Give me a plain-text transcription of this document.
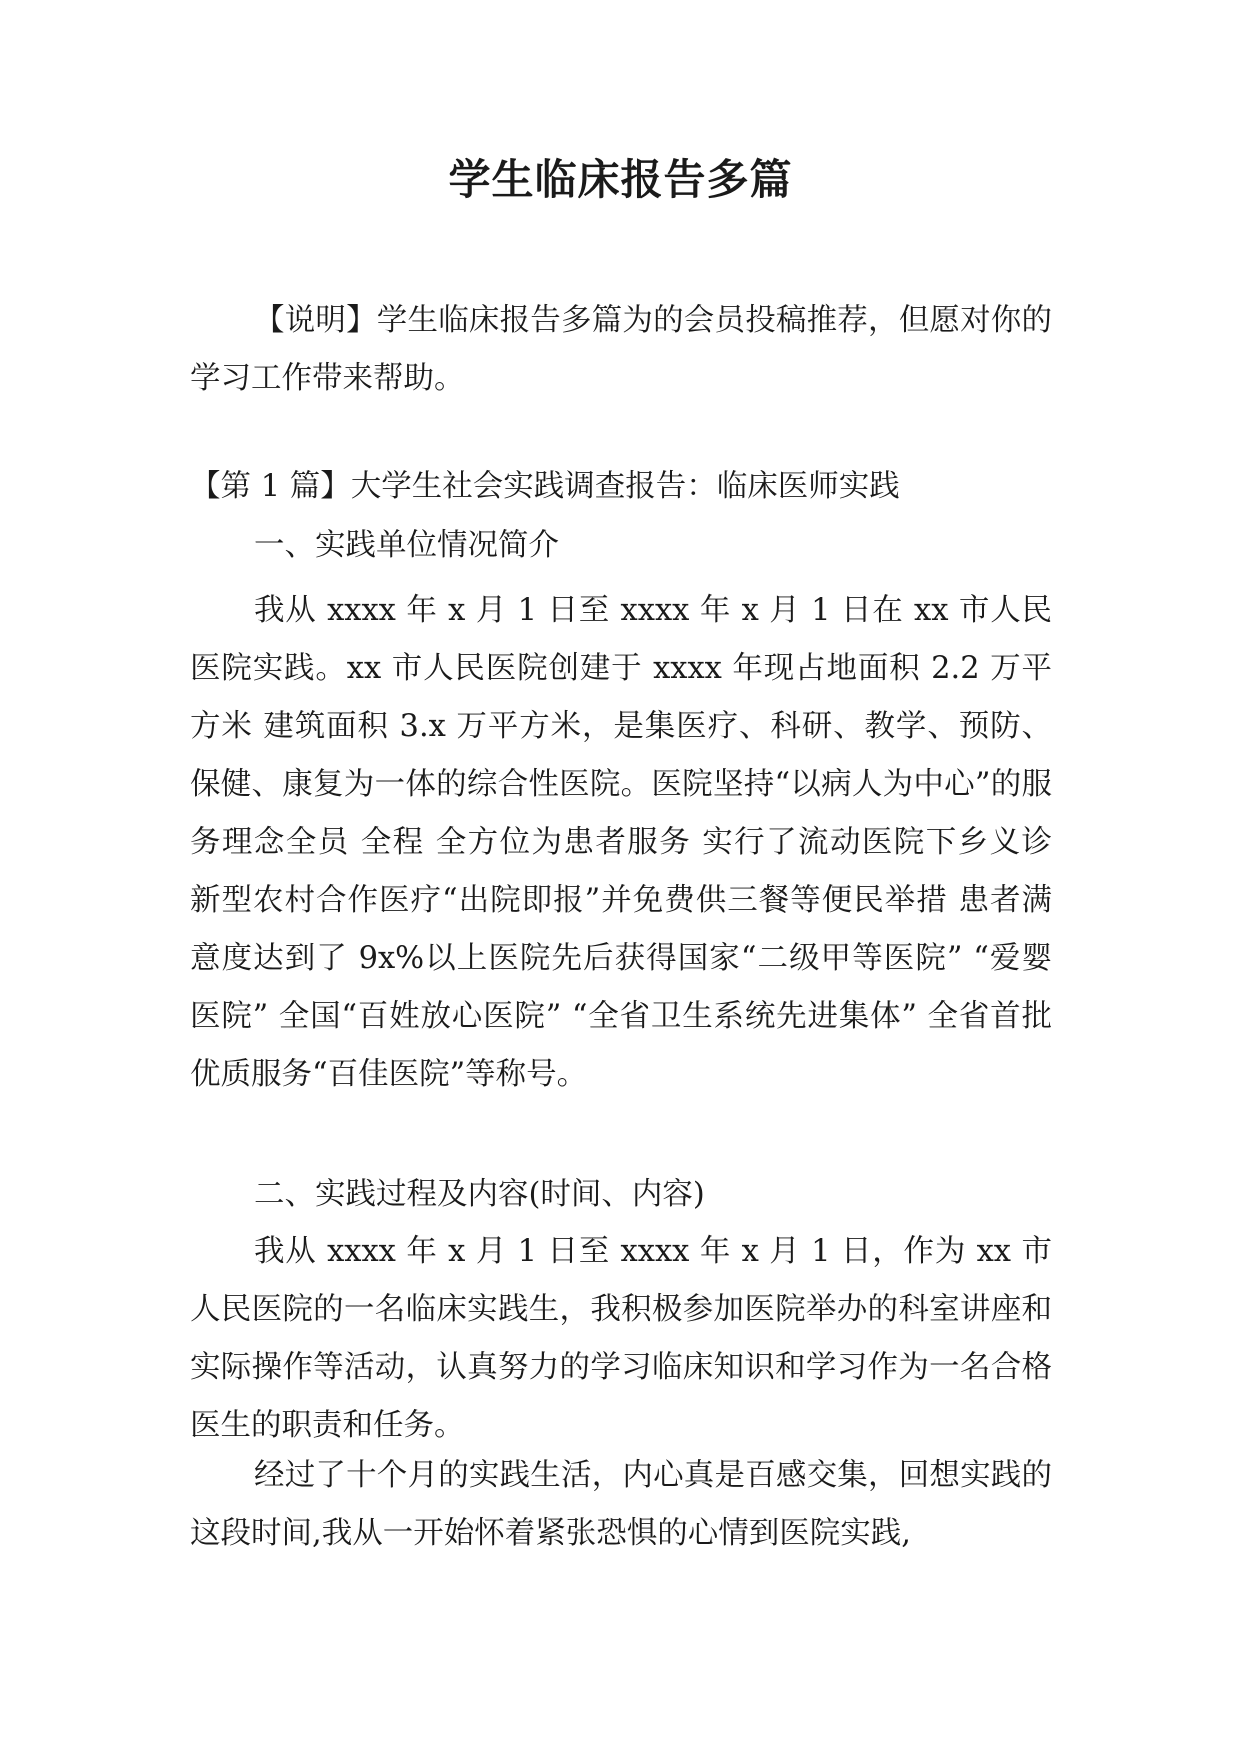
学生临床报告多篇

【说明】学生临床报告多篇为的会员投稿推荐，但愿对你的学习工作带来帮助。

【第 1 篇】大学生社会实践调查报告：临床医师实践

一、实践单位情况简介

我从 xxxx 年 x 月 1 日至 xxxx 年 x 月 1 日在 xx 市人民医院实践。xx 市人民医院创建于 xxxx 年现占地面积 2.2 万平方米 建筑面积 3.x 万平方米，是集医疗、科研、教学、预防、保健、康复为一体的综合性医院。医院坚持“以病人为中心”的服务理念全员 全程 全方位为患者服务 实行了流动医院下乡义诊 新型农村合作医疗“出院即报”并免费供三餐等便民举措 患者满意度达到了 9x%以上医院先后获得国家“二级甲等医院” “爱婴医院” 全国“百姓放心医院” “全省卫生系统先进集体” 全省首批优质服务“百佳医院”等称号。

二、实践过程及内容(时间、内容)

我从 xxxx 年 x 月 1 日至 xxxx 年 x 月 1 日，作为 xx 市人民医院的一名临床实践生，我积极参加医院举办的科室讲座和实际操作等活动，认真努力的学习临床知识和学习作为一名合格医生的职责和任务。

经过了十个月的实践生活，内心真是百感交集，回想实践的这段时间,我从一开始怀着紧张恐惧的心情到医院实践,
